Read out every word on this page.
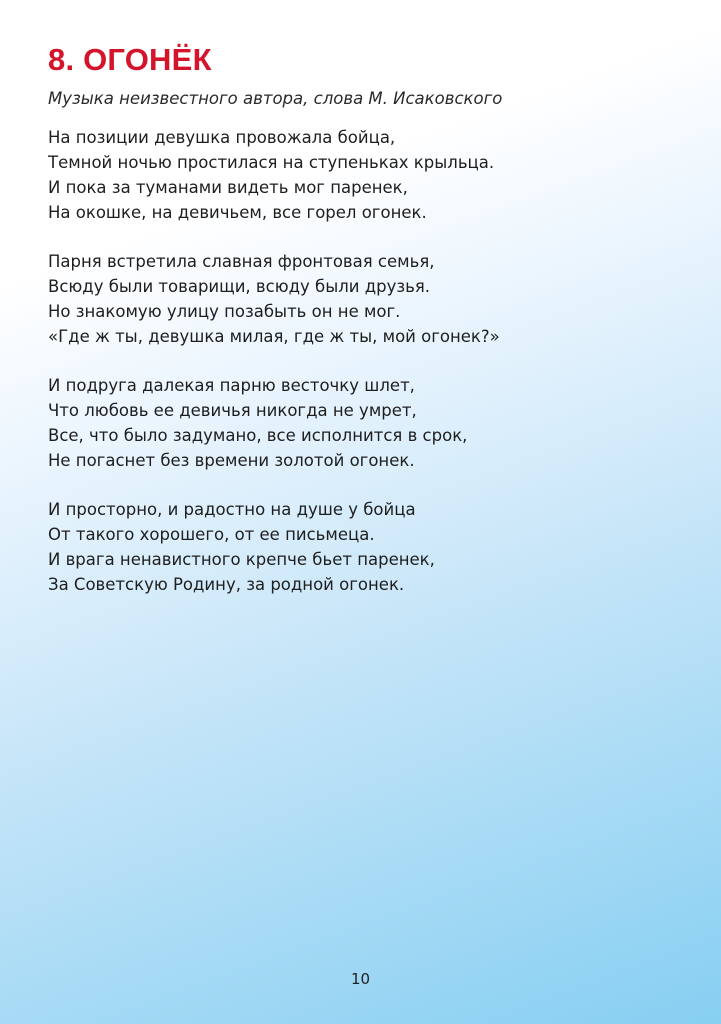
8. ОГОНЁК
Музыка неизвестного автора, слова М. Исаковского
На позиции девушка провожала бойца,
Темной ночью простилася на ступеньках крыльца.
И пока за туманами видеть мог паренек,
На окошке, на девичьем, все горел огонек.
Парня встретила славная фронтовая семья,
Всюду были товарищи, всюду были друзья.
Но знакомую улицу позабыть он не мог.
«Где ж ты, девушка милая, где ж ты, мой огонек?»
И подруга далекая парню весточку шлет,
Что любовь ее девичья никогда не умрет,
Все, что было задумано, все исполнится в срок,
Не погаснет без времени золотой огонек.
И просторно, и радостно на душе у бойца
От такого хорошего, от ее письмеца.
И врага ненавистного крепче бьет паренек,
За Советскую Родину, за родной огонек.
10
